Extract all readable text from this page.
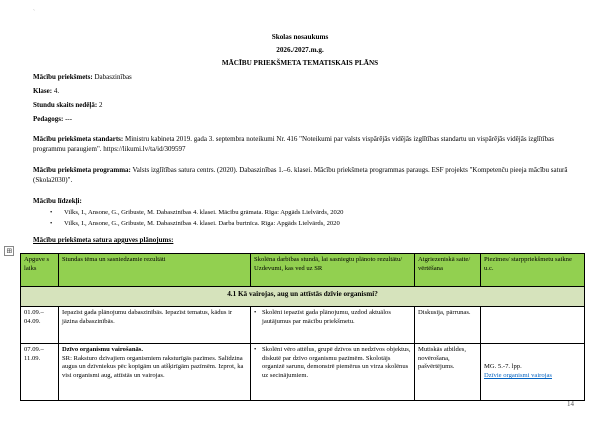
`
Skolas nosaukums
2026./2027.m.g.
MĀCĪBU PRIEKŠMETA TEMATISKAIS PLĀNS
Mācību priekšmets: Dabaszinības
Klase: 4.
Stundu skaits nedēļā: 2
Pedagogs: ---
Mācību priekšmeta standarts: Ministru kabineta 2019. gada 3. septembra noteikumi Nr. 416 "Noteikumi par valsts vispārējās vidējās izglītības standartu un vispārējās vidējās izglītības programmu paraugiem". https://likumi.lv/ta/id/309597
Mācību priekšmeta programma: Valsts izglītības satura centrs. (2020). Dabaszinības 1.–6. klasei. Mācību priekšmeta programmas paraugs. ESF projekts "Kompetenču pieeja mācību saturā (Skola2030)".
Mācību līdzekļi:
• Vilks, I., Ansone, G., Gribuste, M. Dabaszinības 4. klasei. Mācību grāmata. Rīga: Apgāds Lielvārds, 2020
• Vilks, I., Ansone, G., Gribuste, M. Dabaszinības 4. klasei. Darba burtnīca. Rīga: Apgāds Lielvārds, 2020
Mācību priekšmeta satura apguves plānojums:
⊞
Apguve s laiks	Stundas tēma un sasniedzamie rezultāti	Skolēna darbības stundā, lai sasniegtu plānoto rezultātu/ Uzdevumi, kas ved uz SR	Atgriezeniskā saite/ vērtēšana	Piezīmes/ starppriekšmetu saikne u.c.
4.1 Kā vairojas, aug un attīstās dzīvie organismi?				
01.09.– 04.09.	Iepazīst gada plānojumu dabaszinībās. Iepazīst tematus, kādus ir jāzina dabaszinībās.	• Skolēni iepazīst gada plānojumu, uzdod aktuālos jautājumus par mācību priekšmetu.	Diskusija, pārrunas.	
07.09.– 11.09.	Dzīvo organismu vairošanās.
SR: Raksturo dzīvajiem organismiem raksturīgās pazīmes. Salīdzina augus un dzīvniekus pēc kopīgām un atšķirīgām pazīmēm. Izprot, ka visi organismi aug, attīstās un vairojas.	• Skolēni vēro attēlus, grupē dzīvos un nedzīvos objektus, diskutē par dzīvo organismu pazīmēm. Skolotājs organizē sarunu, demonstrē piemērus un virza skolēnus uz secinājumiem.	Mutiskās atbildes, novērošana, pašvērtējums.	MG. 5.-7. lpp.
Dzīvie organismi vairojas
14
